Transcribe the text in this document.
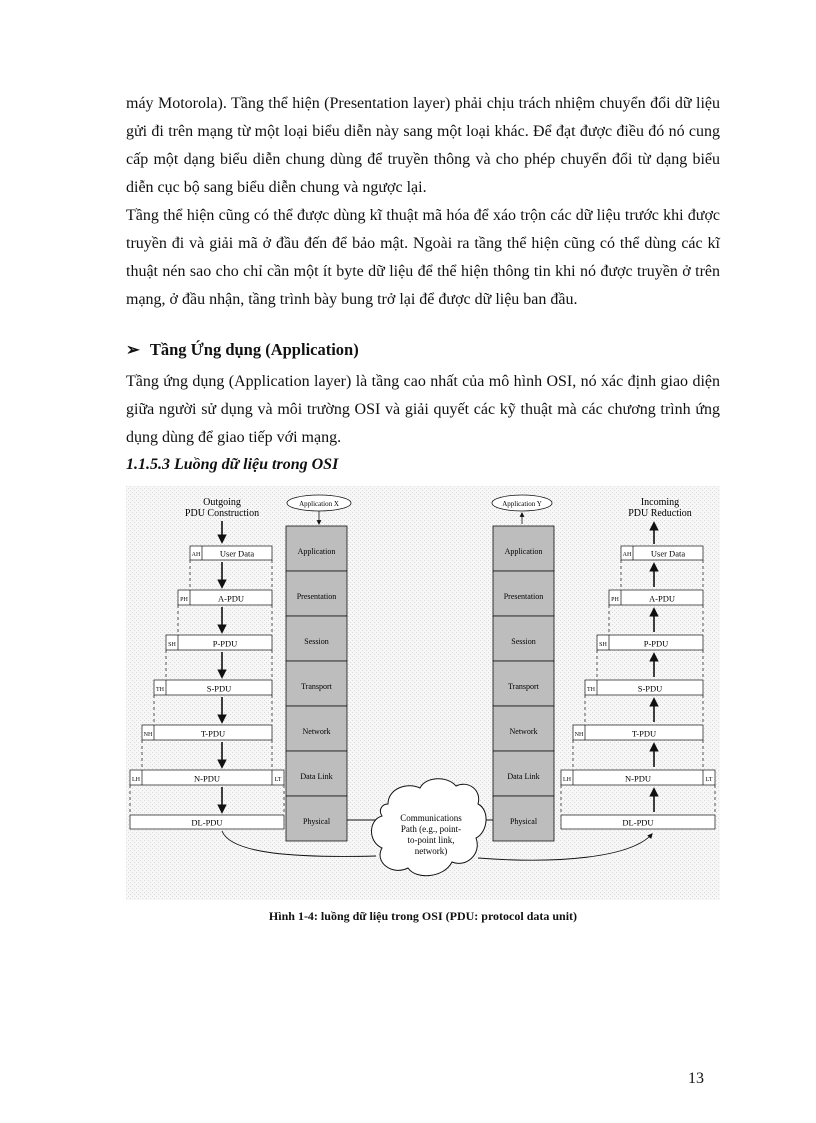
máy Motorola). Tầng thể hiện (Presentation layer) phải chịu trách nhiệm chuyển đổi dữ liệu gửi đi trên mạng từ một loại biểu diễn này sang một loại khác. Để đạt được điều đó nó cung cấp một dạng biểu diễn chung dùng để truyền thông và cho phép chuyển đổi từ dạng biểu diễn cục bộ sang biểu diễn chung và ngược lại.

Tầng thể hiện cũng có thể được dùng kĩ thuật mã hóa để xáo trộn các dữ liệu trước khi được truyền đi và giải mã ở đầu đến để bảo mật. Ngoài ra tầng thể hiện cũng có thể dùng các kĩ thuật nén sao cho chỉ cần một ít byte dữ liệu để thể hiện thông tin khi nó được truyền ở trên mạng, ở đầu nhận, tầng trình bày bung trở lại để được dữ liệu ban đầu.

➢ Tầng Ứng dụng (Application)

Tầng ứng dụng (Application layer) là tầng cao nhất của mô hình OSI, nó xác định giao diện giữa người sử dụng và môi trường OSI và giải quyết các kỹ thuật mà các chương trình ứng dụng dùng để giao tiếp với mạng.

1.1.5.3 Luồng dữ liệu trong OSI
Outgoing
PDU Construction
Incoming
PDU Reduction
Application X	Application Y
Application
Presentation
Session
Transport
Network
Data Link
Physical
Application
Presentation
Session
Transport
Network
Data Link
Physical
AH
PH
SH
TH
NH
LH	LT
User Data
A-PDU
P-PDU
S-PDU
T-PDU
N-PDU
DL-PDU
AH
PH
SH
TH
NH
LH	LT
User Data
A-PDU
P-PDU
S-PDU
T-PDU
N-PDU
DL-PDU
Communications
Path (e.g., point-
to-point link,
network)
Hình 1-4: luồng dữ liệu trong OSI (PDU: protocol data unit)
13
